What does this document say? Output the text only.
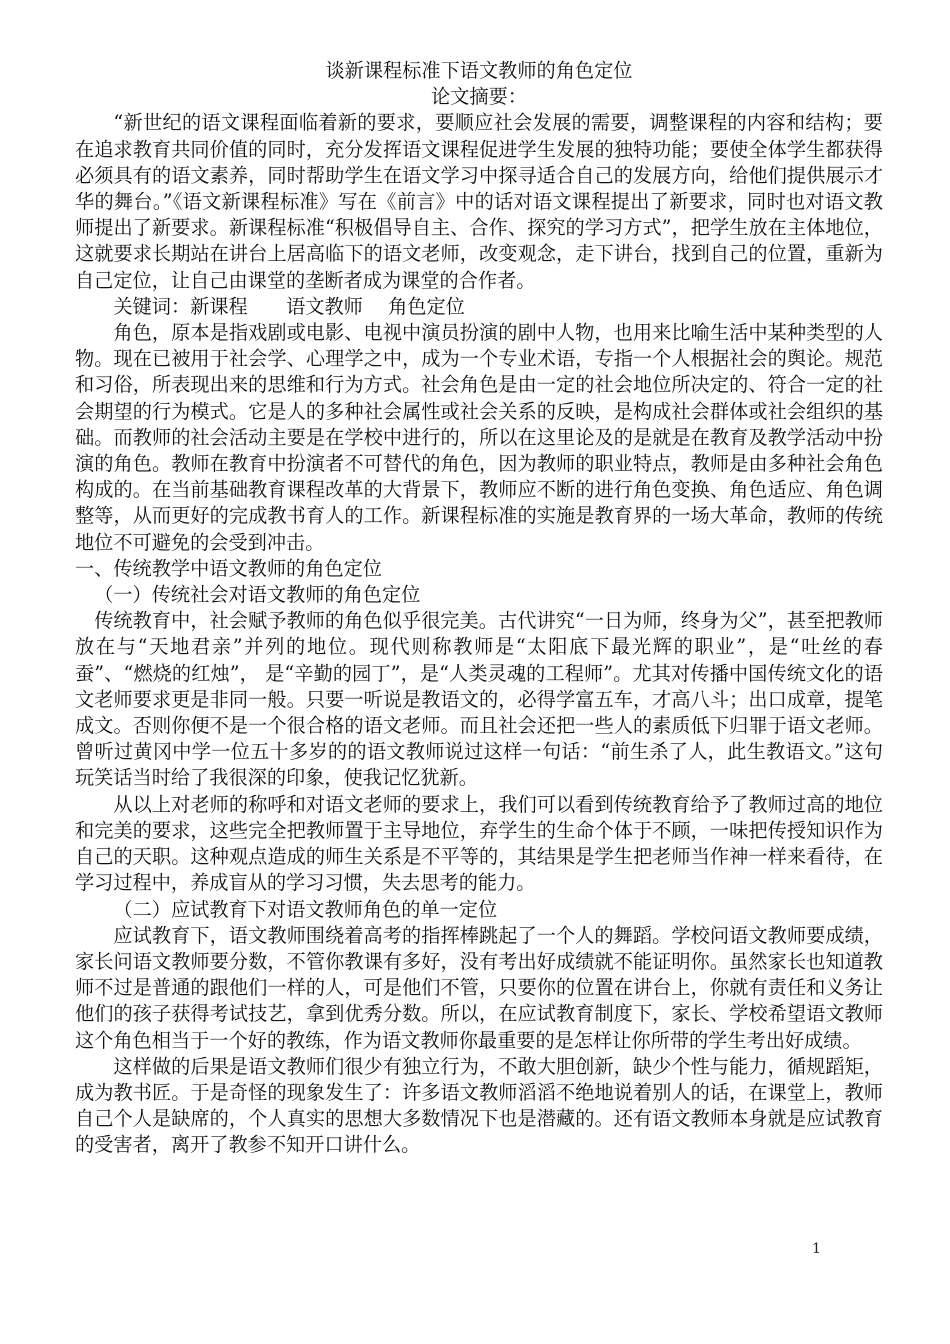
谈新课程标准下语文教师的角色定位

论文摘要：

“新世纪的语文课程面临着新的要求，要顺应社会发展的需要，调整课程的内容和结构；要在追求教育共同价值的同时，充分发挥语文课程促进学生发展的独特功能；要使全体学生都获得必须具有的语文素养，同时帮助学生在语文学习中探寻适合自己的发展方向，给他们提供展示才华的舞台。”《语文新课程标准》写在《前言》中的话对语文课程提出了新要求，同时也对语文教师提出了新要求。新课程标准“积极倡导自主、合作、探究的学习方式”，把学生放在主体地位，这就要求长期站在讲台上居高临下的语文老师，改变观念，走下讲台，找到自己的位置，重新为自己定位，让自己由课堂的垄断者成为课堂的合作者。

关键词：新课程　　语文教师　 角色定位

角色，原本是指戏剧或电影、电视中演员扮演的剧中人物，也用来比喻生活中某种类型的人物。现在已被用于社会学、心理学之中，成为一个专业术语，专指一个人根据社会的舆论。规范和习俗，所表现出来的思维和行为方式。社会角色是由一定的社会地位所决定的、符合一定的社会期望的行为模式。它是人的多种社会属性或社会关系的反映，是构成社会群体或社会组织的基础。而教师的社会活动主要是在学校中进行的，所以在这里论及的是就是在教育及教学活动中扮演的角色。教师在教育中扮演者不可替代的角色，因为教师的职业特点，教师是由多种社会角色构成的。在当前基础教育课程改革的大背景下，教师应不断的进行角色变换、角色适应、角色调整等，从而更好的完成教书育人的工作。新课程标准的实施是教育界的一场大革命，教师的传统地位不可避免的会受到冲击。

一、传统教学中语文教师的角色定位

（一）传统社会对语文教师的角色定位

传统教育中，社会赋予教师的角色似乎很完美。古代讲究“一日为师，终身为父”，甚至把教师放在与“天地君亲”并列的地位。现代则称教师是“太阳底下最光辉的职业”，是“吐丝的春蚕”、“燃烧的红烛”， 是“辛勤的园丁”，是“人类灵魂的工程师”。尤其对传播中国传统文化的语文老师要求更是非同一般。只要一听说是教语文的，必得学富五车，才高八斗；出口成章，提笔成文。否则你便不是一个很合格的语文老师。而且社会还把一些人的素质低下归罪于语文老师。曾听过黄冈中学一位五十多岁的的语文教师说过这样一句话：“前生杀了人，此生教语文。”这句玩笑话当时给了我很深的印象，使我记忆犹新。

从以上对老师的称呼和对语文老师的要求上，我们可以看到传统教育给予了教师过高的地位和完美的要求，这些完全把教师置于主导地位，弃学生的生命个体于不顾，一味把传授知识作为自己的天职。这种观点造成的师生关系是不平等的，其结果是学生把老师当作神一样来看待，在学习过程中，养成盲从的学习习惯，失去思考的能力。

（二）应试教育下对语文教师角色的单一定位

应试教育下，语文教师围绕着高考的指挥棒跳起了一个人的舞蹈。学校问语文教师要成绩，家长问语文教师要分数，不管你教课有多好，没有考出好成绩就不能证明你。虽然家长也知道教师不过是普通的跟他们一样的人，可是他们不管，只要你的位置在讲台上，你就有责任和义务让他们的孩子获得考试技艺，拿到优秀分数。所以，在应试教育制度下，家长、学校希望语文教师这个角色相当于一个好的教练，作为语文教师你最重要的是怎样让你所带的学生考出好成绩。

这样做的后果是语文教师们很少有独立行为，不敢大胆创新，缺少个性与能力，循规蹈矩，成为教书匠。于是奇怪的现象发生了：许多语文教师滔滔不绝地说着别人的话，在课堂上，教师自己个人是缺席的，个人真实的思想大多数情况下也是潜藏的。还有语文教师本身就是应试教育的受害者，离开了教参不知开口讲什么。

1
